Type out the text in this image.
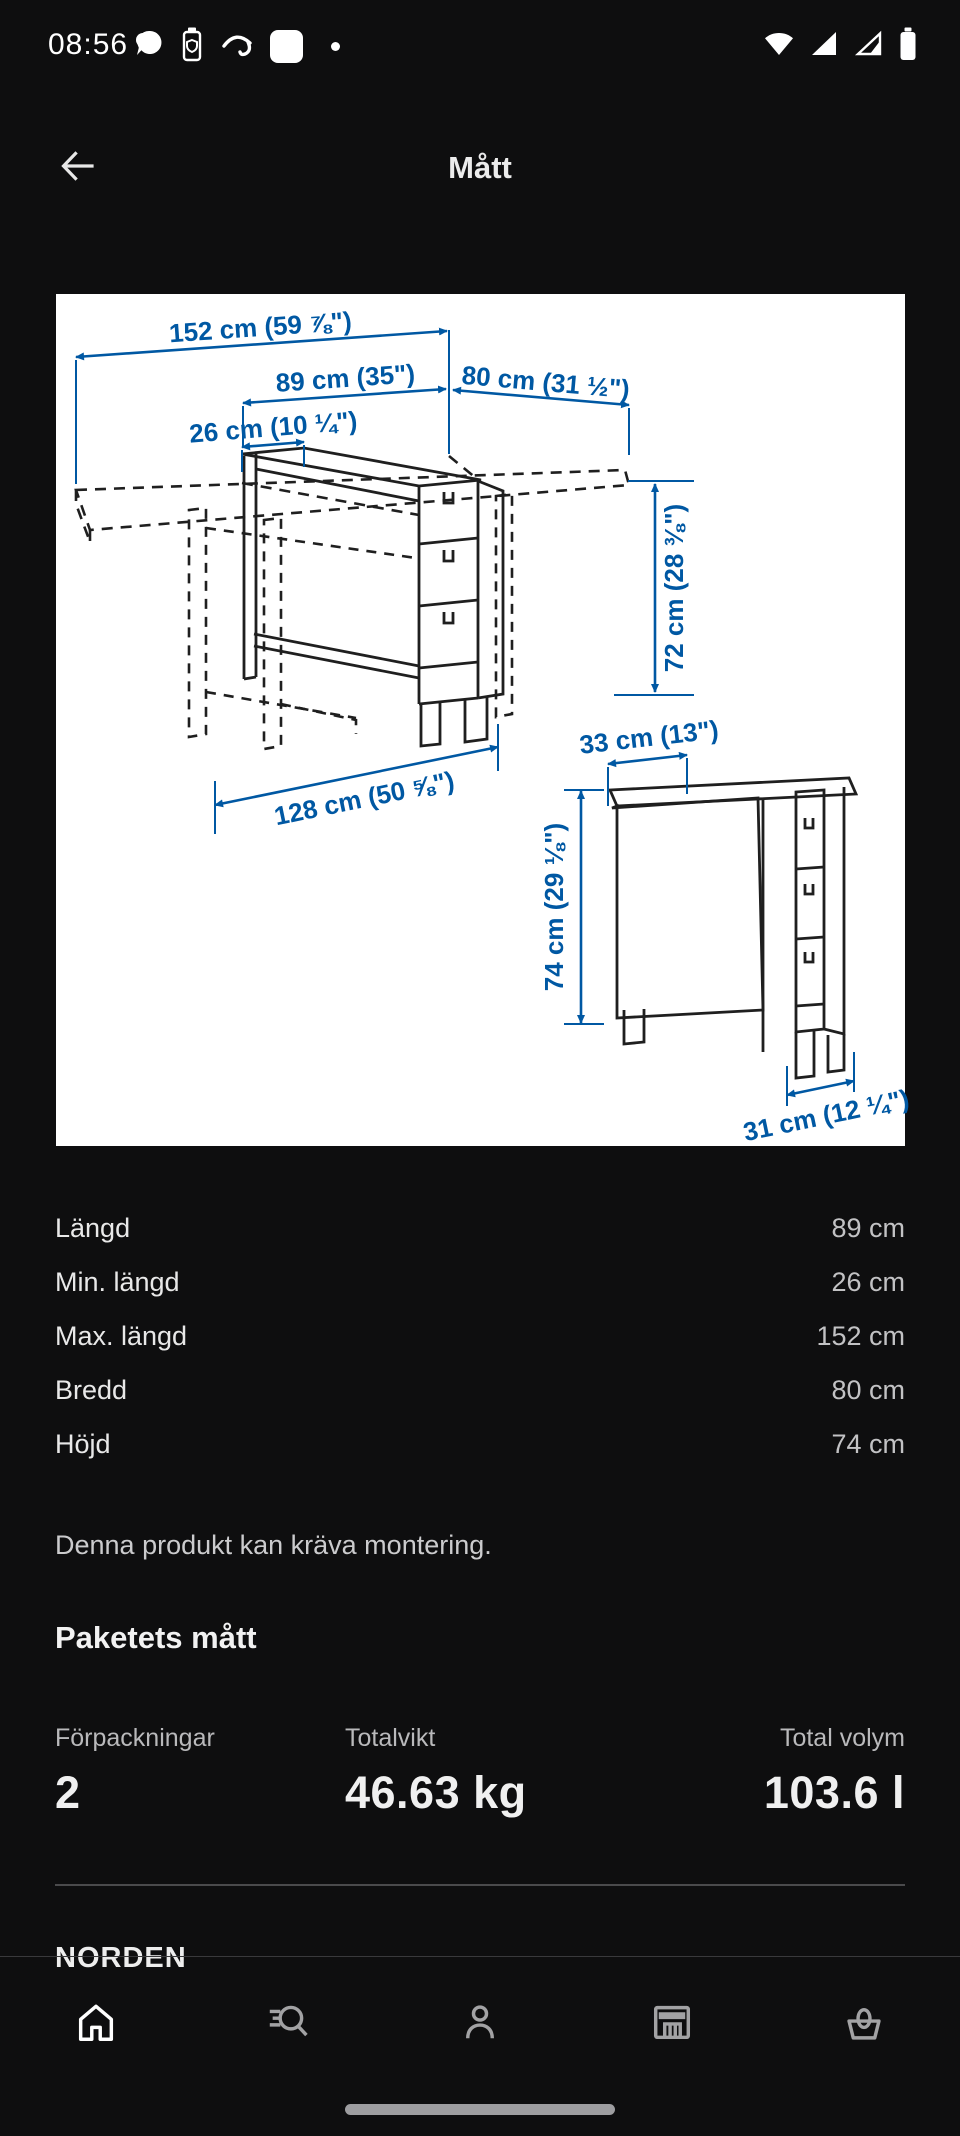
08:56
Mått
152 cm (59 ⅞")
89 cm (35") 80 cm (31 ½")
26 cm (10 ¼")
72 cm (28 ⅜")
128 cm (50 ⅝")
33 cm (13")
74 cm (29 ⅛")
31 cm (12 ¼")
Längd	89 cm
Min. längd	26 cm
Max. längd	152 cm
Bredd	80 cm
Höjd	74 cm
Denna produkt kan kräva montering.
Paketets mått
Förpackningar
2
Totalvikt
46.63 kg
Total volym
103.6 l
NORDEN
